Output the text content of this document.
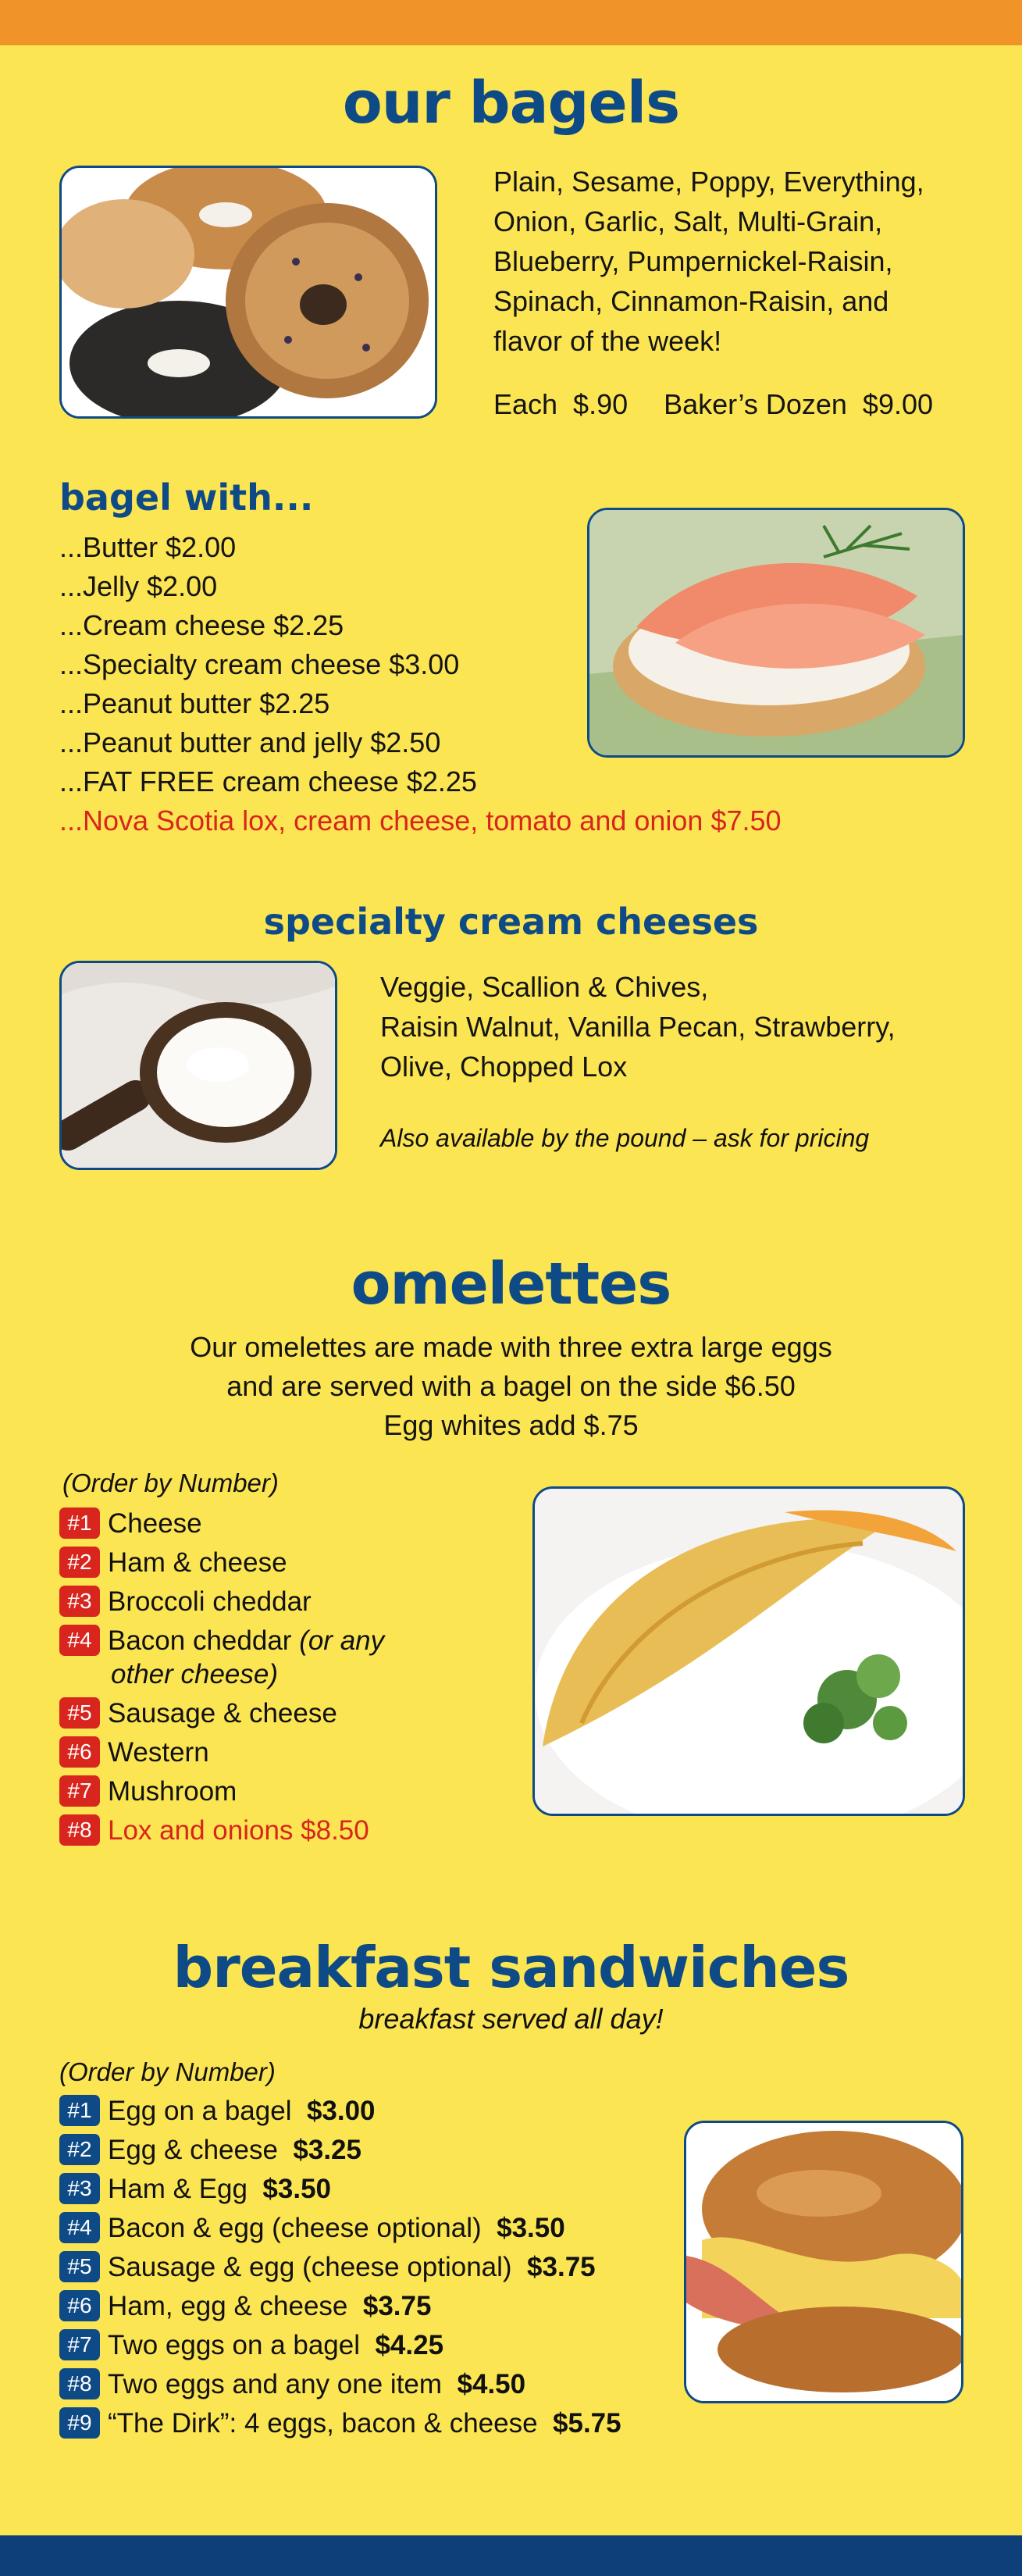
our bagels
Plain, Sesame, Poppy, Everything,
Onion, Garlic, Salt, Multi-Grain,
Blueberry, Pumpernickel-Raisin,
Spinach, Cinnamon-Raisin, and
flavor of the week!
Each  $.90 Baker’s Dozen  $9.00
bagel with...
...Butter $2.00
...Jelly $2.00
...Cream cheese $2.25
...Specialty cream cheese $3.00
...Peanut butter $2.25
...Peanut butter and jelly $2.50
...FAT FREE cream cheese $2.25
...Nova Scotia lox, cream cheese, tomato and onion $7.50
specialty cream cheeses
Veggie, Scallion & Chives,
Raisin Walnut, Vanilla Pecan, Strawberry,
Olive, Chopped Lox
Also available by the pound – ask for pricing
omelettes
Our omelettes are made with three extra large eggs
and are served with a bagel on the side $6.50
Egg whites add $.75
(Order by Number)
#1 Cheese
#2 Ham & cheese
#3 Broccoli cheddar
#4 Bacon cheddar (or any
other cheese)
#5 Sausage & cheese
#6 Western
#7 Mushroom
#8 Lox and onions $8.50
breakfast sandwiches
breakfast served all day!
(Order by Number)
#1 Egg on a bagel $3.00
#2 Egg & cheese $3.25
#3 Ham & Egg $3.50
#4 Bacon & egg (cheese optional) $3.50
#5 Sausage & egg (cheese optional) $3.75
#6 Ham, egg & cheese $3.75
#7 Two eggs on a bagel $4.25
#8 Two eggs and any one item $4.50
#9 “The Dirk”: 4 eggs, bacon & cheese $5.75
